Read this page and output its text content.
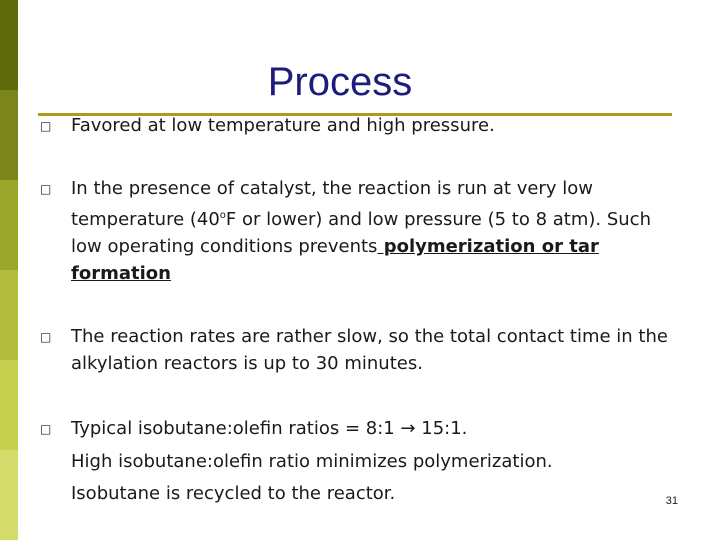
Process
□ Favored at low temperature and high pressure.
□ In the presence of catalyst, the reaction is run at very low temperature (40$^o$F or lower) and low pressure (5 to 8 atm). Such low operating conditions prevents polymerization or tar formation
□ The reaction rates are rather slow, so the total contact time in the alkylation reactors is up to 30 minutes.
□ Typical isobutane:olefin ratios = 8:1 → 15:1.
High isobutane:olefin ratio minimizes polymerization.
Isobutane is recycled to the reactor.	31
